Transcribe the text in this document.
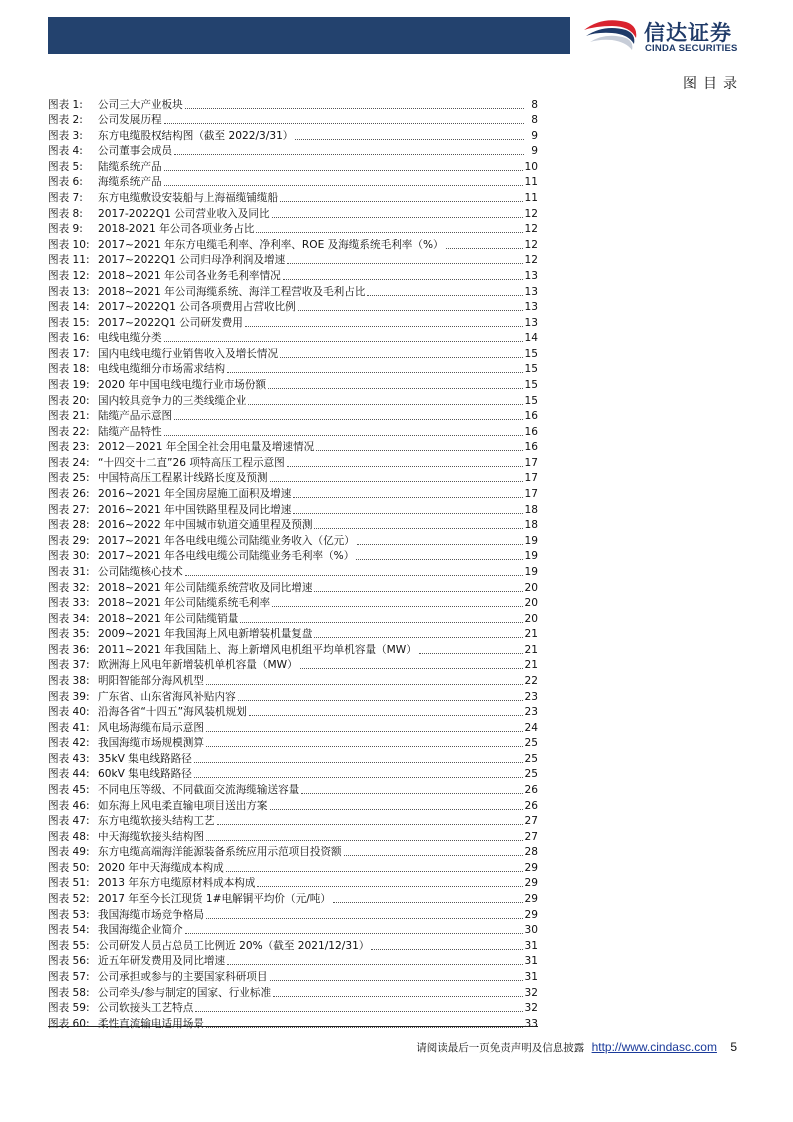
信达证券
CINDA SECURITIES
图目录
图表 1:	公司三大产业板块	8
图表 2:	公司发展历程	8
图表 3:	东方电缆股权结构图（截至 2022/3/31）	9
图表 4:	公司董事会成员	9
图表 5:	陆缆系统产品	10
图表 6:	海缆系统产品	11
图表 7:	东方电缆敷设安装船与上海福缆铺缆船	11
图表 8:	2017-2022Q1 公司营业收入及同比	12
图表 9:	2018-2021 年公司各项业务占比	12
图表 10: 2017~2021 年东方电缆毛利率、净利率、ROE 及海缆系统毛利率（%）	12
图表 11: 2017~2022Q1 公司归母净利润及增速	12
图表 12: 2018~2021 年公司各业务毛利率情况	13
图表 13: 2018~2021 年公司海缆系统、海洋工程营收及毛利占比	13
图表 14: 2017~2022Q1 公司各项费用占营收比例	13
图表 15: 2017~2022Q1 公司研发费用	13
图表 16: 电线电缆分类	14
图表 17: 国内电线电缆行业销售收入及增长情况	15
图表 18: 电线电缆细分市场需求结构	15
图表 19: 2020 年中国电线电缆行业市场份额	15
图表 20: 国内较具竞争力的三类线缆企业	15
图表 21: 陆缆产品示意图	16
图表 22: 陆缆产品特性	16
图表 23: 2012－2021 年全国全社会用电量及增速情况	16
图表 24: “十四交十二直”26 项特高压工程示意图	17
图表 25: 中国特高压工程累计线路长度及预测	17
图表 26: 2016~2021 年全国房屋施工面积及增速	17
图表 27: 2016~2021 年中国铁路里程及同比增速	18
图表 28: 2016~2022 年中国城市轨道交通里程及预测	18
图表 29: 2017~2021 年各电线电缆公司陆缆业务收入（亿元）	19
图表 30: 2017~2021 年各电线电缆公司陆缆业务毛利率（%）	19
图表 31: 公司陆缆核心技术	19
图表 32: 2018~2021 年公司陆缆系统营收及同比增速	20
图表 33: 2018~2021 年公司陆缆系统毛利率	20
图表 34: 2018~2021 年公司陆缆销量	20
图表 35: 2009~2021 年我国海上风电新增装机量复盘	21
图表 36: 2011~2021 年我国陆上、海上新增风电机组平均单机容量（MW）	21
图表 37: 欧洲海上风电年新增装机单机容量（MW）	21
图表 38: 明阳智能部分海风机型	22
图表 39: 广东省、山东省海风补贴内容	23
图表 40: 沿海各省“十四五”海风装机规划	23
图表 41: 风电场海缆布局示意图	24
图表 42: 我国海缆市场规模测算	25
图表 43: 35kV 集电线路路径	25
图表 44: 60kV 集电线路路径	25
图表 45: 不同电压等级、不同截面交流海缆输送容量	26
图表 46: 如东海上风电柔直输电项目送出方案	26
图表 47: 东方电缆软接头结构工艺	27
图表 48: 中天海缆软接头结构图	27
图表 49: 东方电缆高端海洋能源装备系统应用示范项目投资额	28
图表 50: 2020 年中天海缆成本构成	29
图表 51: 2013 年东方电缆原材料成本构成	29
图表 52: 2017 年至今长江现货 1#电解铜平均价（元/吨）	29
图表 53: 我国海缆市场竞争格局	29
图表 54: 我国海缆企业简介	30
图表 55: 公司研发人员占总员工比例近 20%（截至 2021/12/31）	31
图表 56: 近五年研发费用及同比增速	31
图表 57: 公司承担或参与的主要国家科研项目	31
图表 58: 公司牵头/参与制定的国家、行业标准	32
图表 59: 公司软接头工艺特点	32
图表 60: 柔性直流输电适用场景	33
请阅读最后一页免责声明及信息披露 http://www.cindasc.com 5
